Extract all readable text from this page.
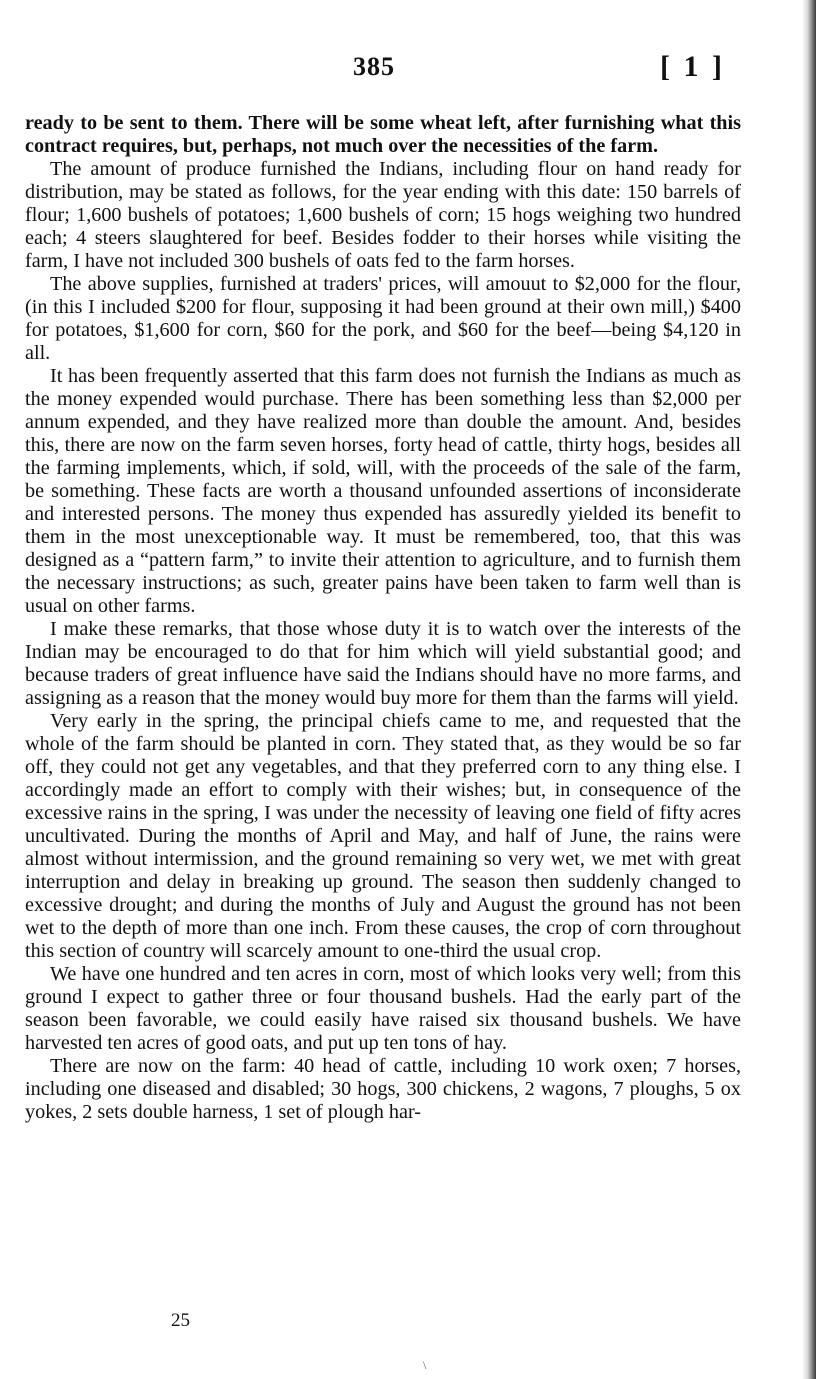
385	[ 1 ]

ready to be sent to them. There will be some wheat left, after furnishing what this contract requires, but, perhaps, not much over the necessities of the farm.

The amount of produce furnished the Indians, including flour on hand ready for distribution, may be stated as follows, for the year ending with this date: 150 barrels of flour; 1,600 bushels of potatoes; 1,600 bushels of corn; 15 hogs weighing two hundred each; 4 steers slaughtered for beef. Besides fodder to their horses while visiting the farm, I have not included 300 bushels of oats fed to the farm horses.

The above supplies, furnished at traders' prices, will amouut to $2,000 for the flour, (in this I included $200 for flour, supposing it had been ground at their own mill,) $400 for potatoes, $1,600 for corn, $60 for the pork, and $60 for the beef—being $4,120 in all.

It has been frequently asserted that this farm does not furnish the Indians as much as the money expended would purchase. There has been something less than $2,000 per annum expended, and they have realized more than double the amount. And, besides this, there are now on the farm seven horses, forty head of cattle, thirty hogs, besides all the farming implements, which, if sold, will, with the proceeds of the sale of the farm, be something. These facts are worth a thousand unfounded assertions of inconsiderate and interested persons. The money thus expended has assuredly yielded its benefit to them in the most unexceptionable way. It must be remembered, too, that this was designed as a “pattern farm,” to invite their attention to agriculture, and to furnish them the necessary instructions; as such, greater pains have been taken to farm well than is usual on other farms.

I make these remarks, that those whose duty it is to watch over the interests of the Indian may be encouraged to do that for him which will yield substantial good; and because traders of great influence have said the Indians should have no more farms, and assigning as a reason that the money would buy more for them than the farms will yield.

Very early in the spring, the principal chiefs came to me, and requested that the whole of the farm should be planted in corn. They stated that, as they would be so far off, they could not get any vegetables, and that they preferred corn to any thing else. I accordingly made an effort to comply with their wishes; but, in consequence of the excessive rains in the spring, I was under the necessity of leaving one field of fifty acres uncultivated. During the months of April and May, and half of June, the rains were almost without intermission, and the ground remaining so very wet, we met with great interruption and delay in breaking up ground. The season then suddenly changed to excessive drought; and during the months of July and August the ground has not been wet to the depth of more than one inch. From these causes, the crop of corn throughout this section of country will scarcely amount to one-third the usual crop.

We have one hundred and ten acres in corn, most of which looks very well; from this ground I expect to gather three or four thousand bushels. Had the early part of the season been favorable, we could easily have raised six thousand bushels. We have harvested ten acres of good oats, and put up ten tons of hay.

There are now on the farm: 40 head of cattle, including 10 work oxen; 7 horses, including one diseased and disabled; 30 hogs, 300 chickens, 2 wagons, 7 ploughs, 5 ox yokes, 2 sets double harness, 1 set of plough har-

25
\
